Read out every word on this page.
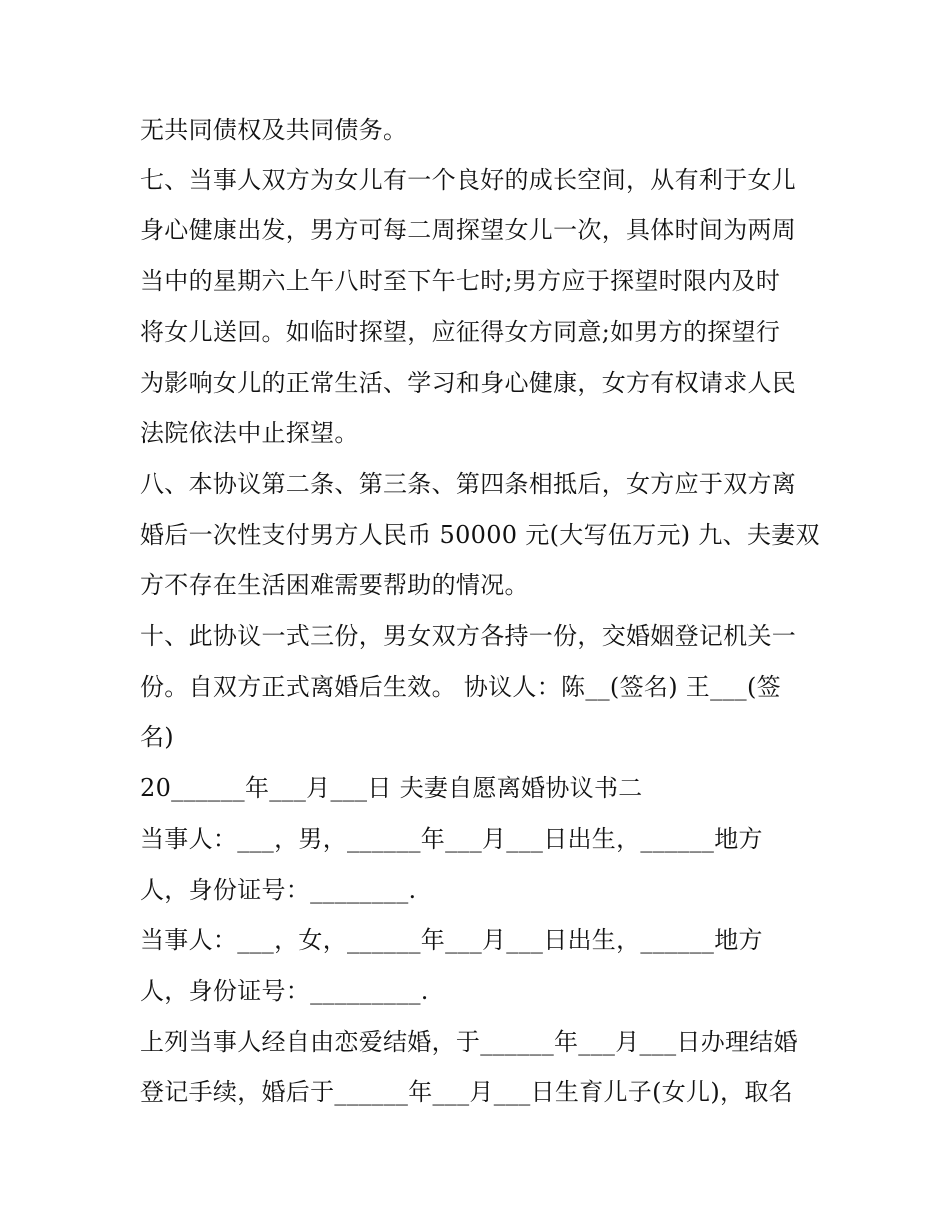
无共同债权及共同债务。
七、当事人双方为女儿有一个良好的成长空间，从有利于女儿
身心健康出发，男方可每二周探望女儿一次，具体时间为两周
当中的星期六上午八时至下午七时;男方应于探望时限内及时
将女儿送回。如临时探望，应征得女方同意;如男方的探望行
为影响女儿的正常生活、学习和身心健康，女方有权请求人民
法院依法中止探望。
八、本协议第二条、第三条、第四条相抵后，女方应于双方离
婚后一次性支付男方人民币 50000 元(大写伍万元) 九、夫妻双
方不存在生活困难需要帮助的情况。
十、此协议一式三份，男女双方各持一份，交婚姻登记机关一
份。自双方正式离婚后生效。 协议人：陈__(签名) 王___(签
名)
20______年___月___日 夫妻自愿离婚协议书二
当事人：___，男，______年___月___日出生，______地方
人，身份证号：________.
当事人：___，女，______年___月___日出生，______地方
人，身份证号：_________.
上列当事人经自由恋爱结婚，于______年___月___日办理结婚
登记手续，婚后于______年___月___日生育儿子(女儿)，取名
